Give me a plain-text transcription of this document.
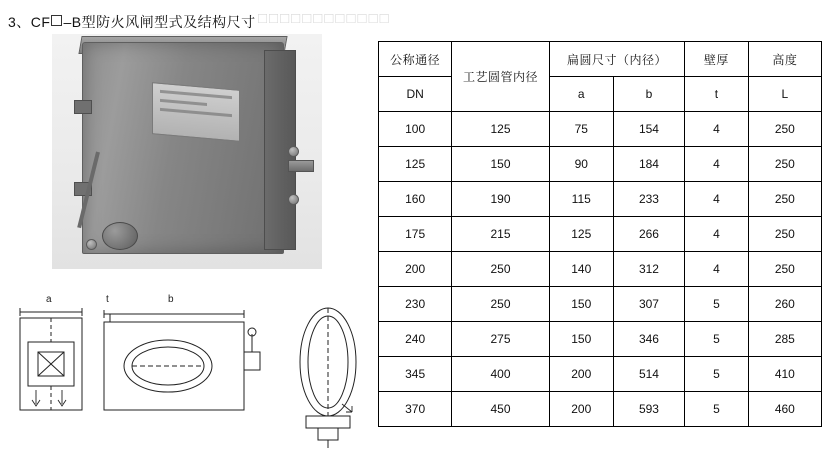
3、CF –B型防火风闸型式及结构尺寸 □□□□□□□□□□□□
a	t	b
公称通径	工艺圆管内径	扁圆尺寸（内径）		壁厚	高度
DN		a	b	t	L
100	125	75	154	4	250
125	150	90	184	4	250
160	190	115	233	4	250
175	215	125	266	4	250
200	250	140	312	4	250
230	250	150	307	5	260
240	275	150	346	5	285
345	400	200	514	5	410
370	450	200	593	5	460
